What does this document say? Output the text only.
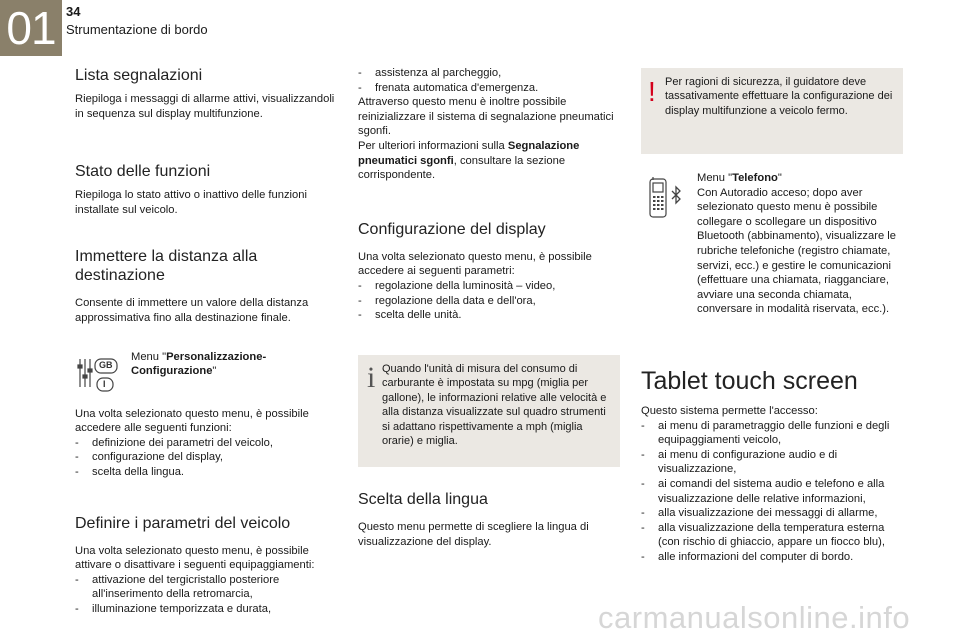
01 34
Strumentazione di bordo
Lista segnalazioni

Riepiloga i messaggi di allarme attivi, visualizzandoli in sequenza sul display multifunzione.

Stato delle funzioni

Riepiloga lo stato attivo o inattivo delle funzioni installate sul veicolo.

Immettere la distanza alla destinazione

Consente di immettere un valore della distanza approssimativa fino alla destinazione finale.

GB
I

Menu "Personalizzazione-Configurazione"

Una volta selezionato questo menu, è possibile accedere alle seguenti funzioni:

- definizione dei parametri del veicolo,
- configurazione del display,
- scelta della lingua.
Definire i parametri del veicolo

Una volta selezionato questo menu, è possibile attivare o disattivare i seguenti equipaggiamenti:

- attivazione del tergicristallo posteriore all'inserimento della retromarcia,
- illuminazione temporizzata e durata,
- assistenza al parcheggio,
- frenata automatica d'emergenza.

Attraverso questo menu è inoltre possibile reinizializzare il sistema di segnalazione pneumatici sgonfi.

Per ulteriori informazioni sulla Segnalazione pneumatici sgonfi, consultare la sezione corrispondente.

Configurazione del display

Una volta selezionato questo menu, è possibile accedere ai seguenti parametri:

- regolazione della luminosità – video,
- regolazione della data e dell'ora,
- scelta delle unità.
i Quando l'unità di misura del consumo di carburante è impostata su mpg (miglia per gallone), le informazioni relative alle velocità e alla distanza visualizzate sul quadro strumenti si adattano rispettivamente a mph (miglia orarie) e miglia.

Scelta della lingua

Questo menu permette di scegliere la lingua di visualizzazione del display.

! Per ragioni di sicurezza, il guidatore deve tassativamente effettuare la configurazione dei display multifunzione a veicolo fermo.

Menu "Telefono"

Con Autoradio acceso; dopo aver selezionato questo menu è possibile collegare o scollegare un dispositivo Bluetooth (abbinamento), visualizzare le rubriche telefoniche (registro chiamate, servizi, ecc.) e gestire le comunicazioni (effettuare una chiamata, riagganciare, avviare una seconda chiamata, conversare in modalità riservata, ecc.).

Tablet touch screen

Questo sistema permette l'accesso:

- ai menu di parametraggio delle funzioni e degli equipaggiamenti veicolo,
- ai menu di configurazione audio e di visualizzazione,
- ai comandi del sistema audio e telefono e alla visualizzazione delle relative informazioni,
- alla visualizzazione dei messaggi di allarme,
- alla visualizzazione della temperatura esterna (con rischio di ghiaccio, appare un fiocco blu),
- alle informazioni del computer di bordo.
carmanualsonline.info
